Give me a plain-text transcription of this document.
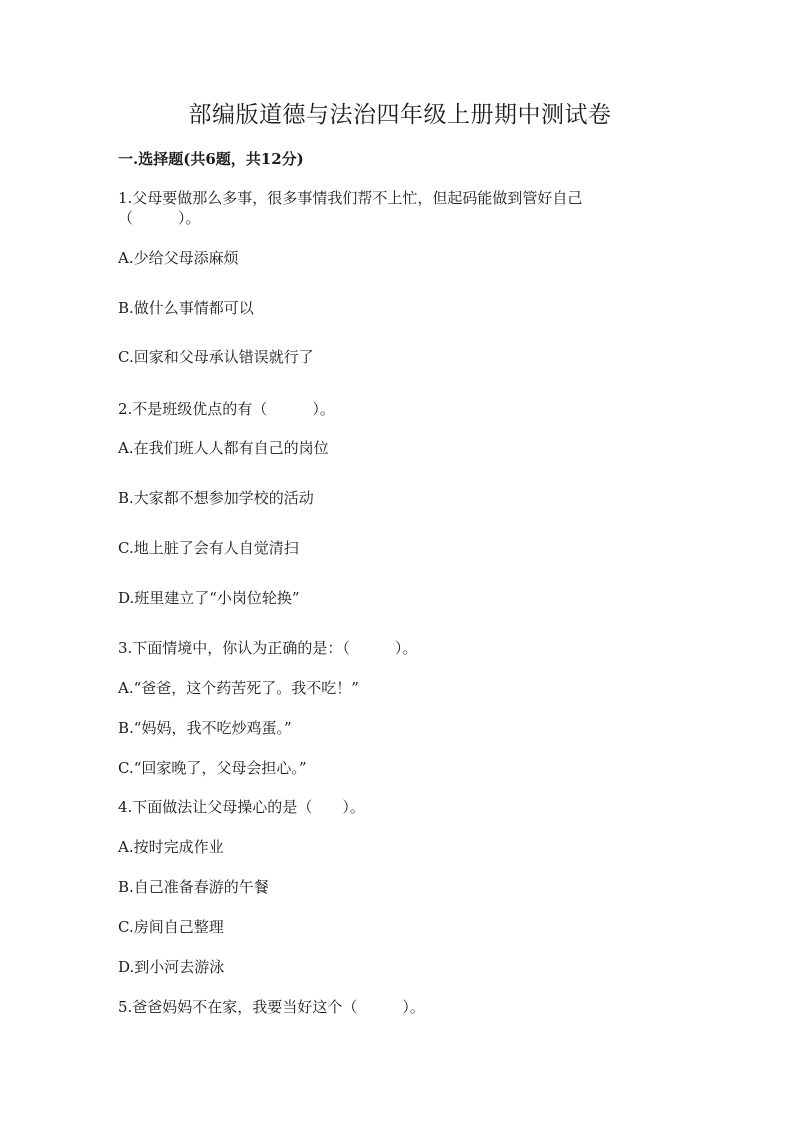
部编版道德与法治四年级上册期中测试卷
一.选择题(共6题，共12分)
1.父母要做那么多事，很多事情我们帮不上忙，但起码能做到管好自己
（　　　）。
A.少给父母添麻烦
B.做什么事情都可以
C.回家和父母承认错误就行了
2.不是班级优点的有（　　　）。
A.在我们班人人都有自己的岗位
B.大家都不想参加学校的活动
C.地上脏了会有人自觉清扫
D.班里建立了“小岗位轮换”
3.下面情境中，你认为正确的是：（　　　）。
A.“爸爸，这个药苦死了。我不吃！”
B.“妈妈，我不吃炒鸡蛋。”
C.“回家晚了，父母会担心。”
4.下面做法让父母操心的是（　　）。
A.按时完成作业
B.自己准备春游的午餐
C.房间自己整理
D.到小河去游泳
5.爸爸妈妈不在家，我要当好这个（　　　）。
